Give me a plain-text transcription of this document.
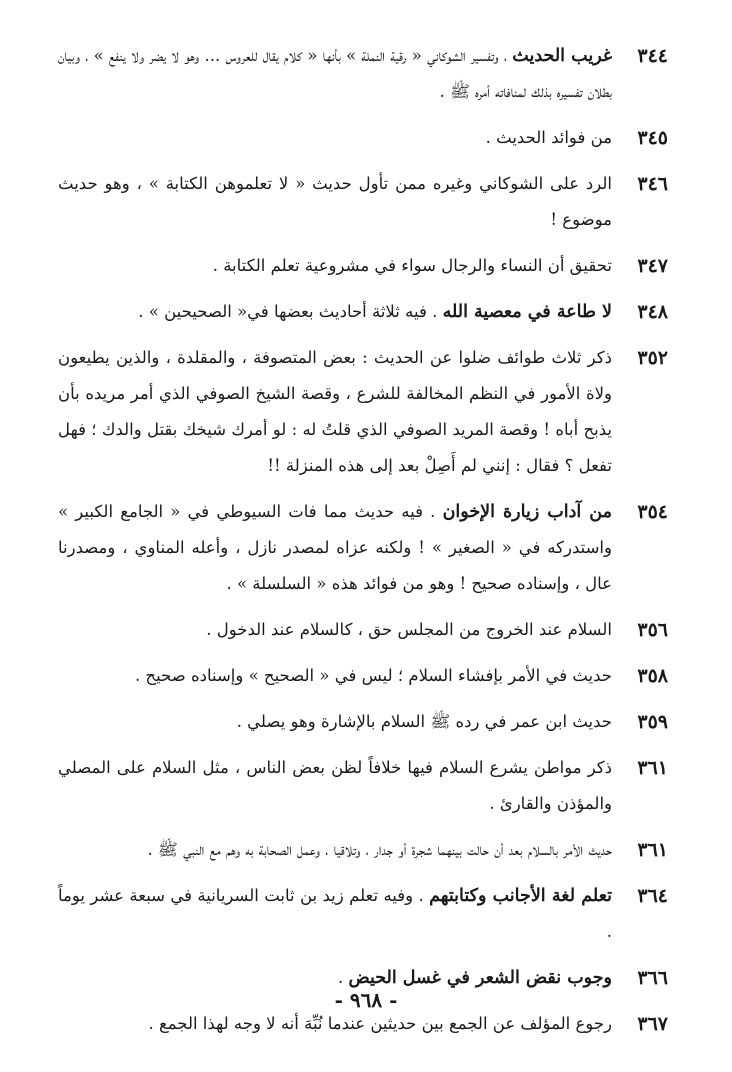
٣٤٤
غريب الحديث ، وتفسير الشوكاني « رقية النملة » بأنها « كلام يقال للعروس ... وهو لا يضر ولا ينفع » ، وبيان بطلان تفسيره بذلك لمنافاته أمره ﷺ .
٣٤٥
من فوائد الحديث .
٣٤٦
الرد على الشوكاني وغيره ممن تأول حديث « لا تعلموهن الكتابة » ، وهو حديث موضوع !
٣٤٧
تحقيق أن النساء والرجال سواء في مشروعية تعلم الكتابة .
٣٤٨
لا طاعة في معصية الله . فيه ثلاثة أحاديث بعضها في« الصحيحين » .
٣٥٢
ذكر ثلاث طوائف ضلوا عن الحديث : بعض المتصوفة ، والمقلدة ، والذين يطيعون ولاة الأمور في النظم المخالفة للشرع ، وقصة الشيخ الصوفي الذي أمر مريده بأن يذبح أباه ! وقصة المريد الصوفي الذي قلتُ له : لو أمرك شيخك بقتل والدك ؛ فهل تفعل ؟ فقال : إنني لم أَصِلْ بعد إلى هذه المنزلة !!
٣٥٤
من آداب زيارة الإخوان . فيه حديث مما فات السيوطي في « الجامع الكبير » واستدركه في « الصغير » ! ولكنه عزاه لمصدر نازل ، وأعله المناوي ، ومصدرنا عال ، وإسناده صحيح ! وهو من فوائد هذه « السلسلة » .
٣٥٦
السلام عند الخروج من المجلس حق ، كالسلام عند الدخول .
٣٥٨
حديث في الأمر بإفشاء السلام ؛ ليس في « الصحيح » وإسناده صحيح .
٣٥٩
حديث ابن عمر في رده ﷺ السلام بالإشارة وهو يصلي .
٣٦١
ذكر مواطن يشرع السلام فيها خلافاً لظن بعض الناس ، مثل السلام على المصلي والمؤذن والقارئ .
٣٦١
حديث الأمر بالسلام بعد أن حالت بينهما شجرة أو جدار ، وتلاقيا ، وعمل الصحابة به وهم مع النبي ﷺ .
٣٦٤
تعلم لغة الأجانب وكتابتهم . وفيه تعلم زيد بن ثابت السريانية في سبعة عشر يوماً .
٣٦٦
وجوب نقض الشعر في غسل الحيض .
٣٦٧
رجوع المؤلف عن الجمع بين حديثين عندما نُبِّهَ أنه لا وجه لهذا الجمع .
- ٩٦٨ -
